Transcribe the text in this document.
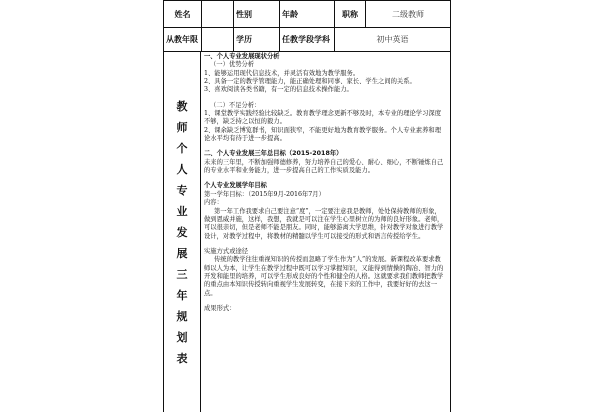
姓名	性别	年龄	职称	二级教师
从教年限	学历	任教学段学科	初中英语
教
师
个
人
专
业
发
展
三
年
规
划
表

一、个人专业发展现状分析

（一）优势分析

1、能够运用现代信息技术，并灵活有效地为教学服务。

2、具备一定的教学管理能力，能正确处理和同事、家长、学生之间的关系。

3、喜欢阅读各类书籍，有一定的信息技术操作能力。

（二）不足分析：

1、课堂教学实践经验比较缺乏。教育教学理念更新不够及时，本专业的理论学习深度不够，缺乏持之以恒的毅力。

2、课余缺乏博览群书，知识面狭窄，不能更好地为教育教学服务。个人专业素养和理论水平均有待于进一步提高。

二、个人专业发展三年总目标（2015-2018年）

未来的三年里，不断加强师德修养，努力培养自己的爱心、耐心、细心，不断锤炼自己的专业水平和业务能力，进一步提高自己的工作实质及能力。

个人专业发展学年目标

第一学年目标：（2015年9月-2016年7月）

内容：

第一年工作我要求自己要注意“度”，一定要注意我是教师，处处保持教师的形象，做到恩威并施，这样，我想，我就是可以注在学生心里树立的为师的良好形象。老师，可以很亲切，但是老师不能是朋友。同时，能够游离大学思维，针对教学对象进行教学设计，对教学过程中，将教材的精髓以学生可以接受的形式和语言传授给学生。

实施方式或途径

传统的教学往往重视知识的传授而忽略了学生作为“人”的发展。新课程改革要求教师以人为本，让学生在教学过程中既可以学习掌握知识，又能得到情操的陶冶、智力的开发和能里的培养，可以学生形成良好的个性和健全的人格。这就要求我们教师把教学的重点由本知识传授转向重视学生发展转变，在接下来的工作中，我要好好的去这一点。

成果形式：
